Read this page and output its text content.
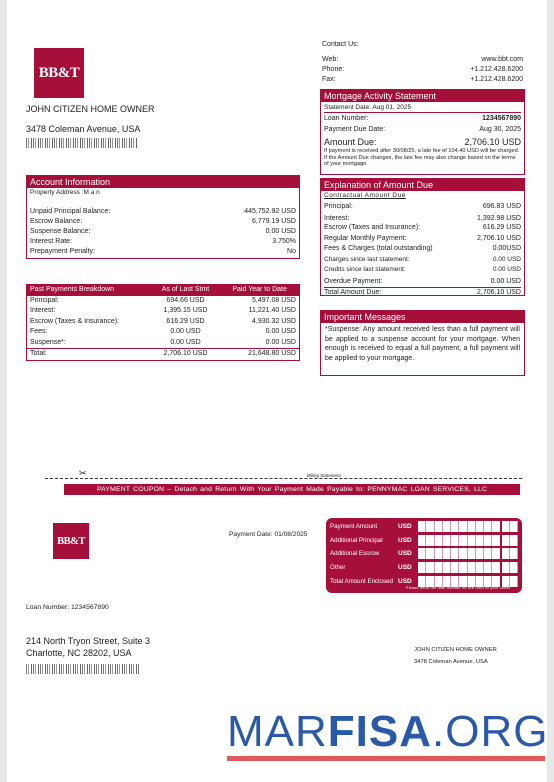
BB&T
JOHN CITIZEN HOME OWNER
3478 Coleman Avenue, USA
Contact Us:
Web:	www.bbt.com
Phone:	+1.212.428.6200
Fax:	+1.212.428.6200
Mortgage Activity Statement
Statement Date: Aug 01, 2025
Loan Number:	1234567890
Payment Due Date:	Aug 30, 2025
Amount Due:	2,706.10 USD
If payment is received after 30/08/25, a late fee of 104.40 USD will be charged. If the Amount Due changes, the late fee may also change based on the terms of your mortgage.
Account Information
Property Address :M a n
Unpaid Principal Balance:	445,752.92 USD
Escrow Balance:	6,779.19 USD
Suspense Balance:	0.00 USD
Interest Rate:	3.750%
Prepayment Penalty:	No
Explanation of Amount Due
Contractual Amount Due
Principal:	696.83 USD
Interest:	1,392.98 USD
Escrow (Taxes and Insurance):	616.29 USD
Regular Monthly Payment:	2,706.10 USD
Fees & Charges (total outstanding)	0.00USD
Charges since last statement:	0.00 USD
Credits since last statement:	0.00 USD
Overdue Payment:	0.00 USD
Total Amount Due:	2,706.10 USD
Past Payments Breakdown	As of Last Stmt	Paid Year to Date
Principal:	694.66 USD	5,497.08 USD
Interest:	1,395.15 USD	11,221.40 USD
Escrow (Taxes & Insurance):	616.29 USD	4,930.32 USD
Fees:	0.00 USD	0.00 USD
Suspense*:	0.00 USD	0.00 USD
Total:	2,706.10 USD	21,648.80 USD
Important Messages
*Suspense: Any amount received less than a full payment will be applied to a suspense account for your mortgage. When enough is received to equal a full payment, a full payment will be applied to your mortgage.
✂	Billing Statement
PAYMENT COUPON – Detach and Return With Your Payment Made Payable to: PENNYMAC LOAN SERVICES, LLC
BB&T
Payment Date: 01/08/2025
Payment Amount	USD
Additional Principal	USD
Additional Escrow	USD
Other	USD
Total Amount Enclosed USD
Please write the loan number on the front of your check
Loan Number: 1234567890
214 North Tryon Street, Suite 3
Charlotte, NC 28202, USA	JOHN CITIZEN HOME OWNER
3478 Coleman Avenue, USA
MARFISA.ORG
